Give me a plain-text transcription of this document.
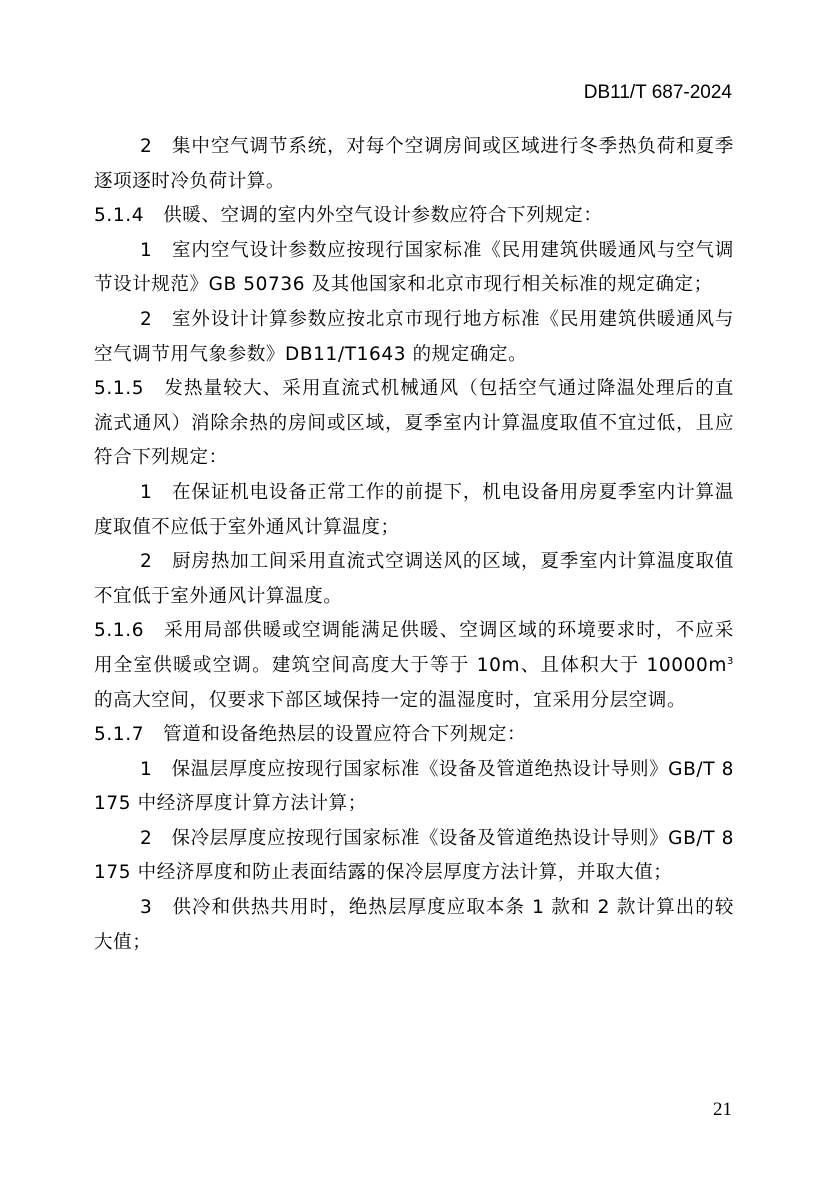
DB11/T 687-2024

2　集中空气调节系统，对每个空调房间或区域进行冬季热负荷和夏季逐项逐时冷负荷计算。

5.1.4　供暖、空调的室内外空气设计参数应符合下列规定：

1　室内空气设计参数应按现行国家标准《民用建筑供暖通风与空气调节设计规范》GB 50736 及其他国家和北京市现行相关标准的规定确定；

2　室外设计计算参数应按北京市现行地方标准《民用建筑供暖通风与空气调节用气象参数》DB11/T1643 的规定确定。

5.1.5　发热量较大、采用直流式机械通风（包括空气通过降温处理后的直流式通风）消除余热的房间或区域，夏季室内计算温度取值不宜过低，且应符合下列规定：

1　在保证机电设备正常工作的前提下，机电设备用房夏季室内计算温度取值不应低于室外通风计算温度；

2　厨房热加工间采用直流式空调送风的区域，夏季室内计算温度取值不宜低于室外通风计算温度。

5.1.6　采用局部供暖或空调能满足供暖、空调区域的环境要求时，不应采用全室供暖或空调。建筑空间高度大于等于 10m、且体积大于 $10000m^3$ 的高大空间，仅要求下部区域保持一定的温湿度时，宜采用分层空调。

5.1.7　管道和设备绝热层的设置应符合下列规定：

1　保温层厚度应按现行国家标准《设备及管道绝热设计导则》GB/T 8175 中经济厚度计算方法计算；

2　保冷层厚度应按现行国家标准《设备及管道绝热设计导则》GB/T 8175 中经济厚度和防止表面结露的保冷层厚度方法计算，并取大值；

3　供冷和供热共用时，绝热层厚度应取本条 1 款和 2 款计算出的较大值；

21
